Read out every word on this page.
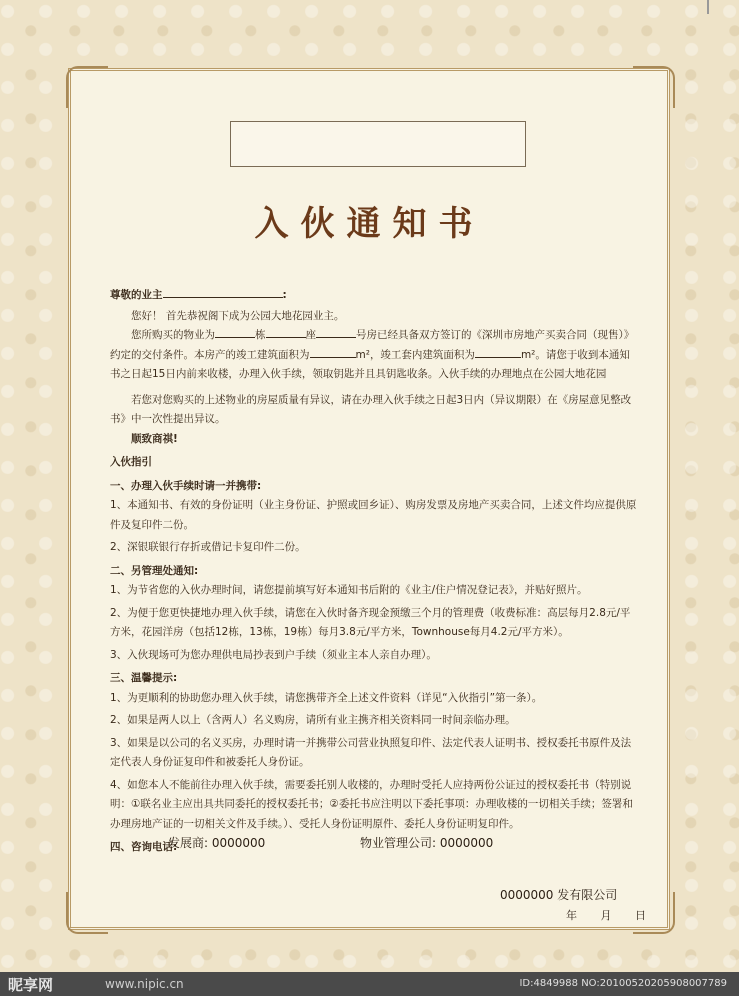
入伙通知书

尊敬的业主	:

您好！ 首先恭祝阁下成为公园大地花园业主。

您所购买的物业为	栋	座	号房已经具备双方签订的《深圳市房地产买卖合同（现售）》约定的交付条件。本房产的竣工建筑面积为	m²，竣工套内建筑面积为	m²。请您于收到本通知书之日起15日内前来收楼，办理入伙手续，领取钥匙并且具钥匙收条。入伙手续的办理地点在公园大地花园

若您对您购买的上述物业的房屋质量有异议，请在办理入伙手续之日起3日内（异议期限）在《房屋意见整改书》中一次性提出异议。

顺致商祺!

入伙指引

一、办理入伙手续时请一并携带:

1、本通知书、有效的身份证明（业主身份证、护照或回乡证）、购房发票及房地产买卖合同，上述文件均应提供原件及复印件二份。

2、深银联银行存折或借记卡复印件二份。

二、另管理处通知:

1、为节省您的入伙办理时间，请您提前填写好本通知书后附的《业主/住户情况登记表》，并贴好照片。

2、为便于您更快捷地办理入伙手续，请您在入伙时备齐现金预缴三个月的管理费（收费标准：高层每月2.8元/平方米，花园洋房（包括12栋，13栋，19栋）每月3.8元/平方米，Townhouse每月4.2元/平方米）。

3、入伙现场可为您办理供电局抄表到户手续（须业主本人亲自办理）。

三、温馨提示:

1、为更顺利的协助您办理入伙手续，请您携带齐全上述文件资料（详见“入伙指引”第一条）。

2、如果是两人以上（含两人）名义购房，请所有业主携齐相关资料同一时间亲临办理。

3、如果是以公司的名义买房，办理时请一并携带公司营业执照复印件、法定代表人证明书、授权委托书原件及法定代表人身份证复印件和被委托人身份证。

4、如您本人不能前往办理入伙手续，需要委托别人收楼的，办理时受托人应持两份公证过的授权委托书（特别说明：①联名业主应出具共同委托的授权委托书；②委托书应注明以下委托事项：办理收楼的一切相关手续；签署和办理房地产证的一切相关文件及手续。）、受托人身份证明原件、委托人身份证明复印件。

四、咨询电话:

发展商: 0000000	物业管理公司: 0000000
0000000 发有限公司
年 月 日
昵享网	www.nipic.cn	ID:4849988 NO:20100520205908007789
